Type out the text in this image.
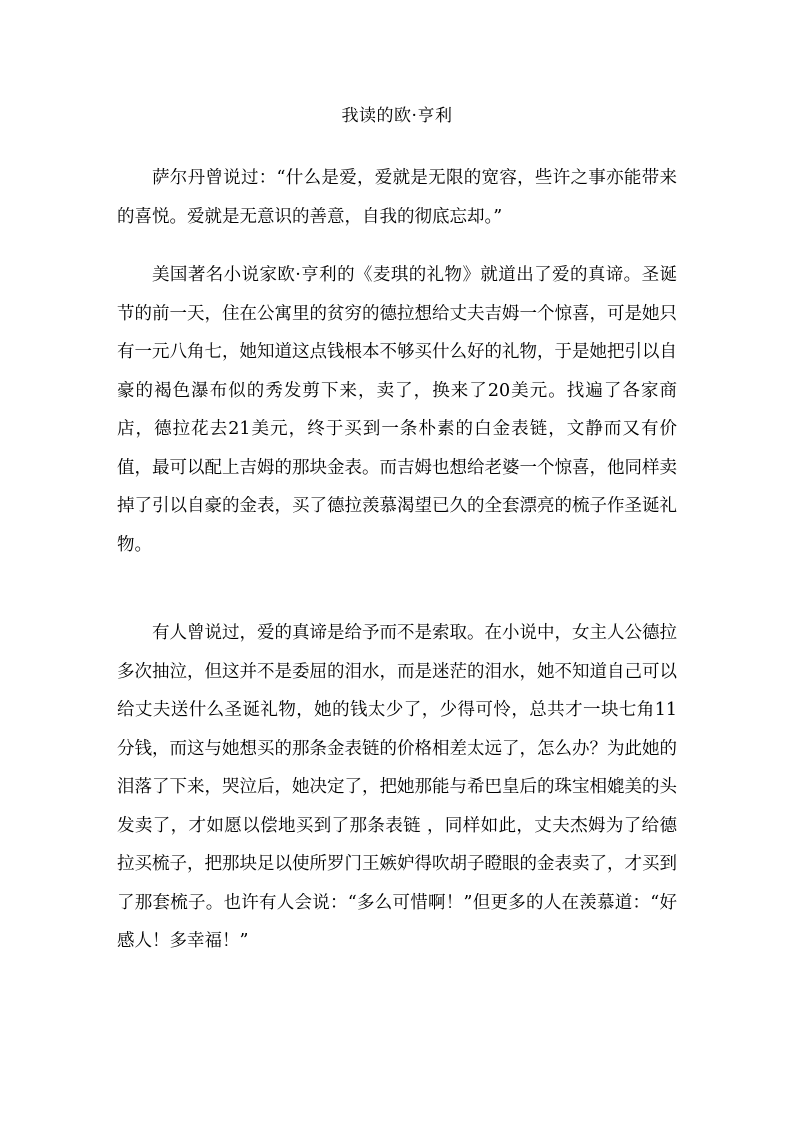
我读的欧·亨利

萨尔丹曾说过：“什么是爱，爱就是无限的宽容，些许之事亦能带来的喜悦。爱就是无意识的善意，自我的彻底忘却。”

美国著名小说家欧·亨利的《麦琪的礼物》就道出了爱的真谛。圣诞节的前一天，住在公寓里的贫穷的德拉想给丈夫吉姆一个惊喜，可是她只有一元八角七，她知道这点钱根本不够买什么好的礼物，于是她把引以自豪的褐色瀑布似的秀发剪下来，卖了，换来了20美元。找遍了各家商店，德拉花去21美元，终于买到一条朴素的白金表链，文静而又有价值，最可以配上吉姆的那块金表。而吉姆也想给老婆一个惊喜，他同样卖掉了引以自豪的金表，买了德拉羡慕渴望已久的全套漂亮的梳子作圣诞礼物。

有人曾说过，爱的真谛是给予而不是索取。在小说中，女主人公德拉多次抽泣，但这并不是委屈的泪水，而是迷茫的泪水，她不知道自己可以给丈夫送什么圣诞礼物，她的钱太少了，少得可怜，总共才一块七角11分钱，而这与她想买的那条金表链的价格相差太远了，怎么办？为此她的泪落了下来，哭泣后，她决定了，把她那能与希巴皇后的珠宝相媲美的头发卖了，才如愿以偿地买到了那条表链 ，同样如此，丈夫杰姆为了给德拉买梳子，把那块足以使所罗门王嫉妒得吹胡子瞪眼的金表卖了，才买到了那套梳子。也许有人会说：“多么可惜啊！”但更多的人在羡慕道：“好感人！多幸福！”
